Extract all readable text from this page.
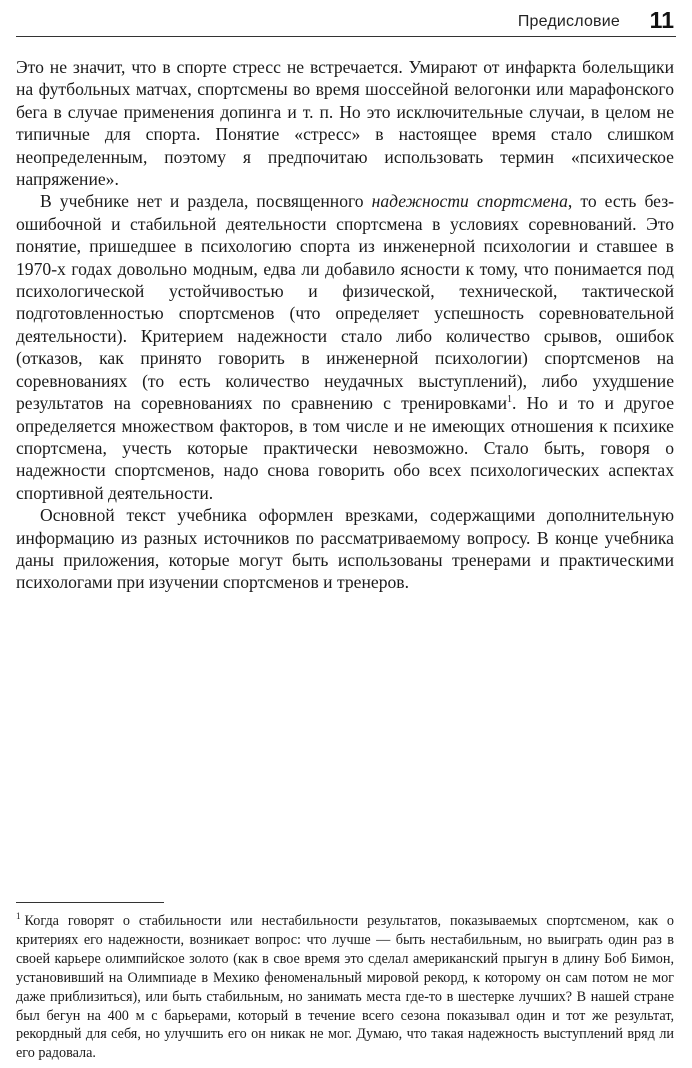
Предисловие 11

Это не значит, что в спорте стресс не встречается. Умирают от инфаркта болельщики на футбольных матчах, спортсмены во время шоссейной велогонки или марафонского бега в случае применения допинга и т. п. Но это исключительные случаи, в целом не типичные для спорта. Понятие «стресс» в настоящее время стало слишком неопределенным, поэтому я предпочитаю использовать термин «психическое напряжение».

В учебнике нет и раздела, посвященного надежности спортсмена, то есть безошибочной и стабильной деятельности спортсмена в условиях соревнований. Это понятие, пришедшее в психологию спорта из инженерной психологии и ставшее в 1970-х годах довольно модным, едва ли добавило ясности к тому, что понимается под психологической устойчивостью и физической, технической, тактической подготовленностью спортсменов (что определяет успешность соревновательной деятельности). Критерием надежности стало либо количество срывов, ошибок (отказов, как принято говорить в инженерной психологии) спортсменов на соревнованиях (то есть количество неудачных выступлений), либо ухудшение результатов на соревнованиях по сравнению с тренировками$^1$. Но и то и другое определяется множеством факторов, в том числе и не имеющих отношения к психике спортсмена, учесть которые практически невозможно. Стало быть, говоря о надежности спортсменов, надо снова говорить обо всех психологических аспектах спортивной деятельности.

Основной текст учебника оформлен врезками, содержащими дополнительную информацию из разных источников по рассматриваемому вопросу. В конце учебника даны приложения, которые могут быть использованы тренерами и практическими психологами при изучении спортсменов и тренеров.

$^1$ Когда говорят о стабильности или нестабильности результатов, показываемых спортсменом, как о критериях его надежности, возникает вопрос: что лучше — быть нестабильным, но выиграть один раз в своей карьере олимпийское золото (как в свое время это сделал американский прыгун в длину Боб Бимон, установивший на Олимпиаде в Мехико феноменальный мировой рекорд, к которому он сам потом не мог даже приблизиться), или быть стабильным, но занимать места где-то в шестерке лучших? В нашей стране был бегун на 400 м с барьерами, который в течение всего сезона показывал один и тот же результат, рекордный для себя, но улучшить его он никак не мог. Думаю, что такая надежность выступлений вряд ли его радовала.
